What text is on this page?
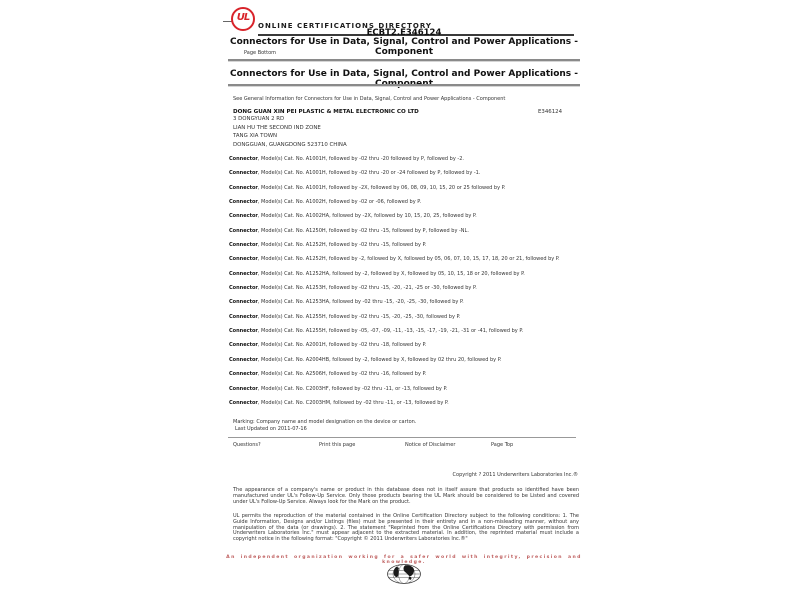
UL
ONLINE CERTIFICATIONS DIRECTORY
ECBT2.E346124
Connectors for Use in Data, Signal, Control and Power Applications - Component
Page Bottom
Connectors for Use in Data, Signal, Control and Power Applications - Component
See General Information for Connectors for Use in Data, Signal, Control and Power Applications - Component
DONG GUAN XIN PEI PLASTIC & METAL ELECTRONIC CO LTD	E346124
3 DONGYUAN 2 RD
LIAN HU THE SECOND IND ZONE
TANG XIA TOWN
DONGGUAN, GUANGDONG 523710 CHINA

Connector, Model(s) Cat. No. A1001H, followed by -02 thru -20 followed by P, followed by -2.

Connector, Model(s) Cat. No. A1001H, followed by -02 thru -20 or -24 followed by P, followed by -1.

Connector, Model(s) Cat. No. A1001H, followed by -2X, followed by 06, 08, 09, 10, 15, 20 or 25 followed by P.

Connector, Model(s) Cat. No. A1002H, followed by -02 or -06, followed by P.

Connector, Model(s) Cat. No. A1002HA, followed by -2X, followed by 10, 15, 20, 25, followed by P.

Connector, Model(s) Cat. No. A1250H, followed by -02 thru -15, followed by P, followed by -NL.

Connector, Model(s) Cat. No. A1252H, followed by -02 thru -15, followed by P.

Connector, Model(s) Cat. No. A1252H, followed by -2, followed by X, followed by 05, 06, 07, 10, 15, 17, 18, 20 or 21, followed by P.

Connector, Model(s) Cat. No. A1252HA, followed by -2, followed by X, followed by 05, 10, 15, 18 or 20, followed by P.

Connector, Model(s) Cat. No. A1253H, followed by -02 thru -15, -20, -21, -25 or -30, followed by P.

Connector, Model(s) Cat. No. A1253HA, followed by -02 thru -15, -20, -25, -30, followed by P.

Connector, Model(s) Cat. No. A1255H, followed by -02 thru -15, -20, -25, -30, followed by P.

Connector, Model(s) Cat. No. A1255H, followed by -05, -07, -09, -11, -13, -15, -17, -19, -21, -31 or -41, followed by P.

Connector, Model(s) Cat. No. A2001H, followed by -02 thru -18, followed by P.

Connector, Model(s) Cat. No. A2004HB, followed by -2, followed by X, followed by 02 thru 20, followed by P.

Connector, Model(s) Cat. No. A2506H, followed by -02 thru -16, followed by P.

Connector, Model(s) Cat. No. C2003HF, followed by -02 thru -11, or -13, followed by P.

Connector, Model(s) Cat. No. C2003HM, followed by -02 thru -11, or -13, followed by P.

Marking: Company name and model designation on the device or carton.
Last Updated on 2011-07-16
Questions?	Print this page	Notice of Disclaimer	Page Top
Copyright ? 2011 Underwriters Laboratories Inc.®
The appearance of a company's name or product in this database does not in itself assure that products so identified have been manufactured under UL's Follow-Up Service. Only those products bearing the UL Mark should be considered to be Listed and covered under UL's Follow-Up Service. Always look for the Mark on the product.
UL permits the reproduction of the material contained in the Online Certification Directory subject to the following conditions: 1. The Guide Information, Designs and/or Listings (files) must be presented in their entirety and in a non-misleading manner, without any manipulation of the data (or drawings). 2. The statement "Reprinted from the Online Certifications Directory with permission from Underwriters Laboratories Inc." must appear adjacent to the extracted material. In addition, the reprinted material must include a copyright notice in the following format: "Copyright © 2011 Underwriters Laboratories Inc.®"
An independent organization working for a safer world with integrity, precision and knowledge.
